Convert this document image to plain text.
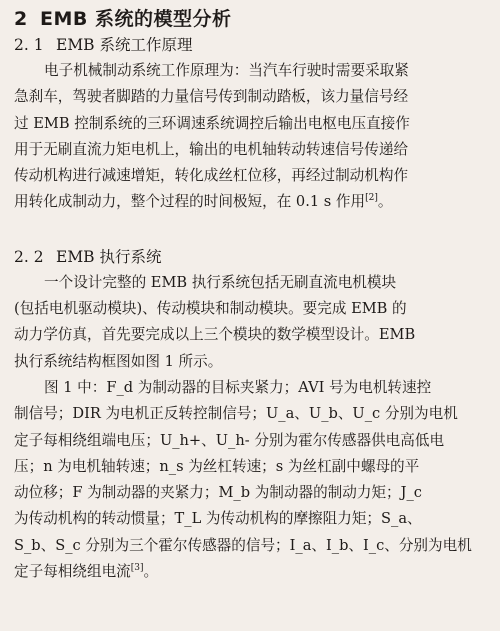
2 EMB 系统的模型分析
2. 1 EMB 系统工作原理
电子机械制动系统工作原理为：当汽车行驶时需要采取紧
急刹车，驾驶者脚踏的力量信号传到制动踏板，该力量信号经
过 EMB 控制系统的三环调速系统调控后输出电枢电压直接作
用于无刷直流力矩电机上，输出的电机轴转动转速信号传递给
传动机构进行减速增矩，转化成丝杠位移，再经过制动机构作
用转化成制动力，整个过程的时间极短，在 0.1 s 作用[2]。
2. 2 EMB 执行系统
一个设计完整的 EMB 执行系统包括无刷直流电机模块
(包括电机驱动模块)、传动模块和制动模块。要完成 EMB 的
动力学仿真，首先要完成以上三个模块的数学模型设计。EMB
执行系统结构框图如图 1 所示。
图 1 中：F_d 为制动器的目标夹紧力；AVI 号为电机转速控
制信号；DIR 为电机正反转控制信号；U_a、U_b、U_c 分别为电机
定子每相绕组端电压；U_h+、U_h- 分别为霍尔传感器供电高低电
压；n 为电机轴转速；n_s 为丝杠转速；s 为丝杠副中螺母的平
动位移；F 为制动器的夹紧力；M_b 为制动器的制动力矩；J_c
为传动机构的转动惯量；T_L 为传动机构的摩擦阻力矩；S_a、
S_b、S_c 分别为三个霍尔传感器的信号；I_a、I_b、I_c、分别为电机
定子每相绕组电流[3]。
